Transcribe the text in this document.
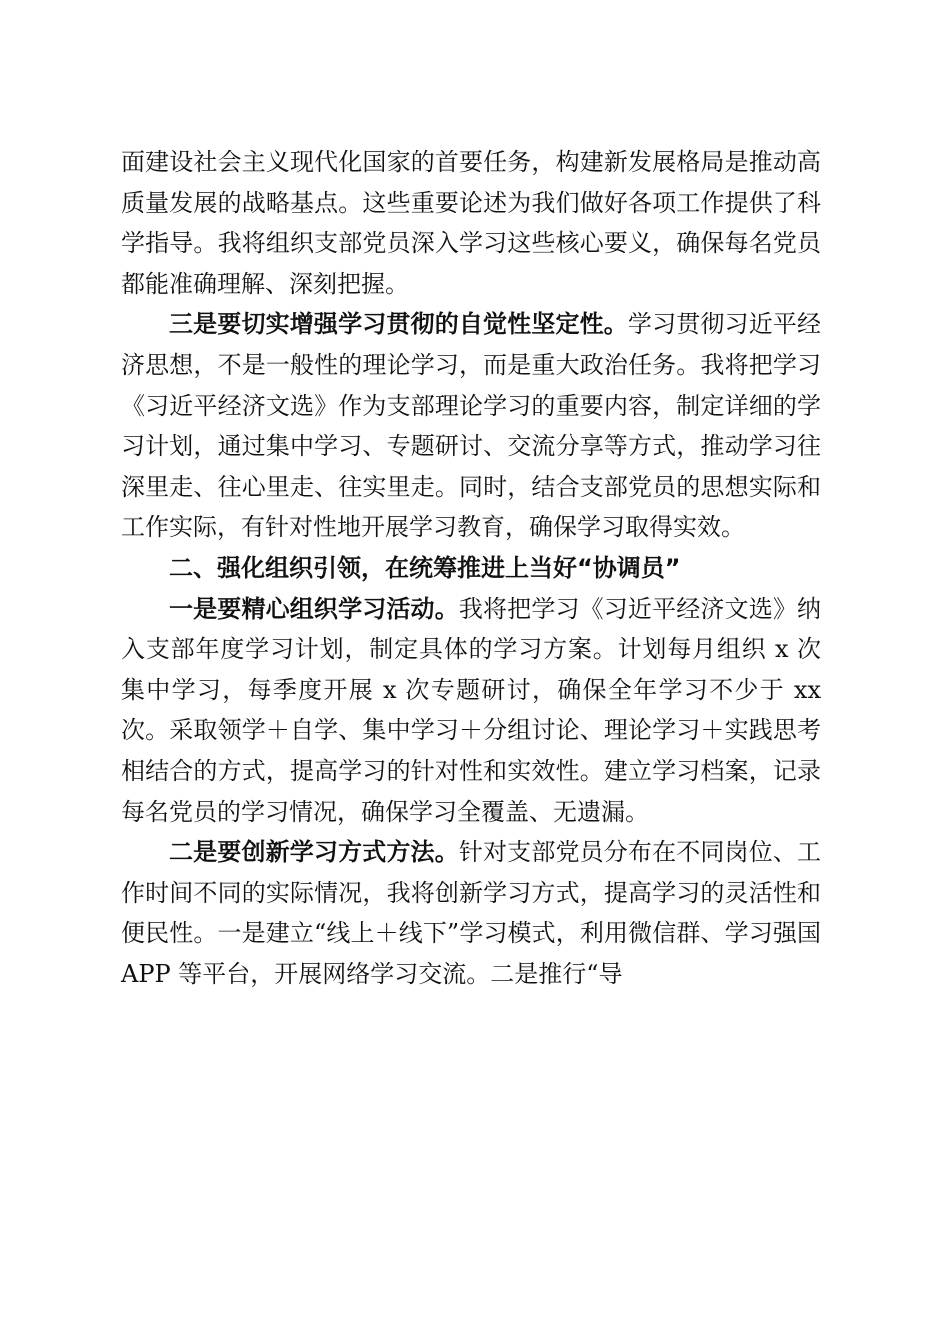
面建设社会主义现代化国家的首要任务，构建新发展格局是推动高质量发展的战略基点。这些重要论述为我们做好各项工作提供了科学指导。我将组织支部党员深入学习这些核心要义，确保每名党员都能准确理解、深刻把握。

三是要切实增强学习贯彻的自觉性坚定性。学习贯彻习近平经济思想，不是一般性的理论学习，而是重大政治任务。我将把学习《习近平经济文选》作为支部理论学习的重要内容，制定详细的学习计划，通过集中学习、专题研讨、交流分享等方式，推动学习往深里走、往心里走、往实里走。同时，结合支部党员的思想实际和工作实际，有针对性地开展学习教育，确保学习取得实效。

二、强化组织引领，在统筹推进上当好“协调员”

一是要精心组织学习活动。我将把学习《习近平经济文选》纳入支部年度学习计划，制定具体的学习方案。计划每月组织 x 次集中学习，每季度开展 x 次专题研讨，确保全年学习不少于 xx 次。采取领学＋自学、集中学习＋分组讨论、理论学习＋实践思考相结合的方式，提高学习的针对性和实效性。建立学习档案，记录每名党员的学习情况，确保学习全覆盖、无遗漏。

二是要创新学习方式方法。针对支部党员分布在不同岗位、工作时间不同的实际情况，我将创新学习方式，提高学习的灵活性和便民性。一是建立“线上＋线下”学习模式，利用微信群、学习强国 APP 等平台，开展网络学习交流。二是推行“导
